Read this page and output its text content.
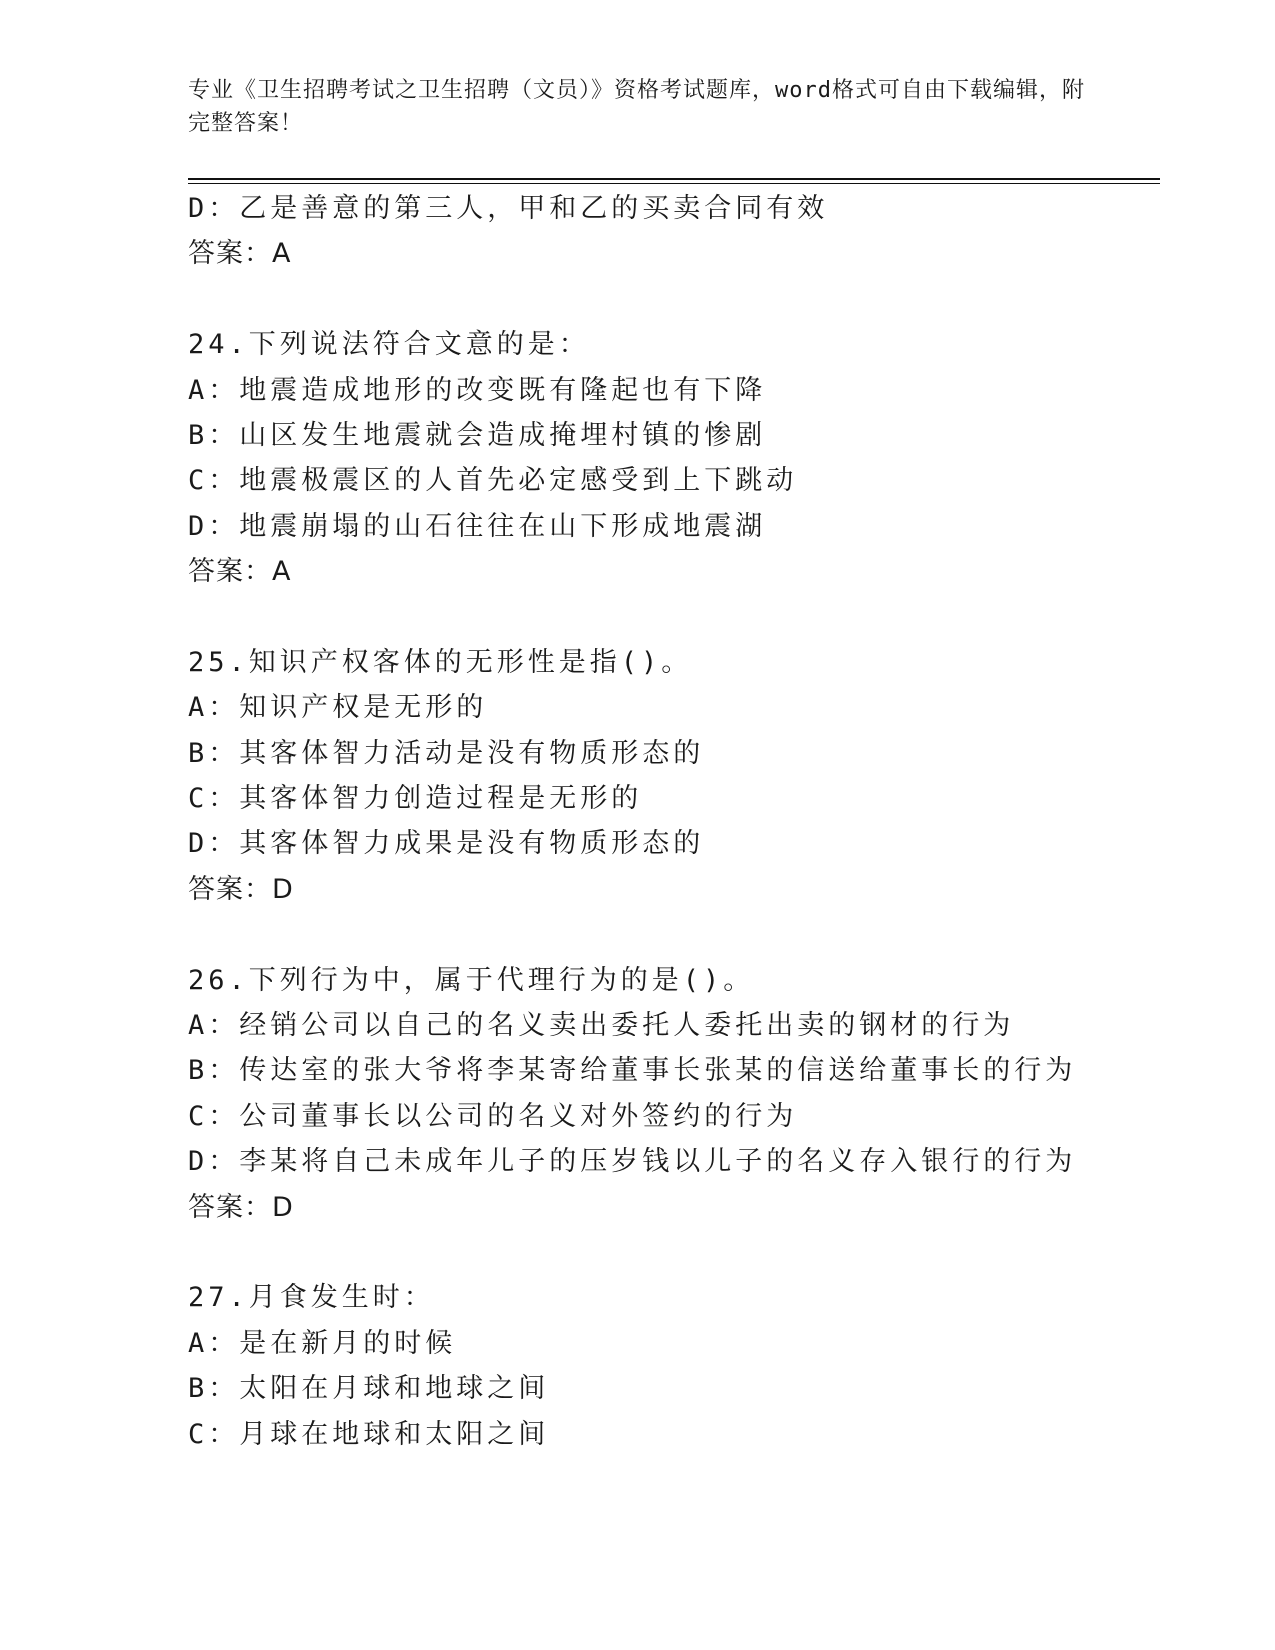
专业《卫生招聘考试之卫生招聘（文员）》资格考试题库，word格式可自由下载编辑，附完整答案！
D：乙是善意的第三人，甲和乙的买卖合同有效
答案：A
24.下列说法符合文意的是：
A：地震造成地形的改变既有隆起也有下降
B：山区发生地震就会造成掩埋村镇的惨剧
C：地震极震区的人首先必定感受到上下跳动
D：地震崩塌的山石往往在山下形成地震湖
答案：A
25.知识产权客体的无形性是指()。
A：知识产权是无形的
B：其客体智力活动是没有物质形态的
C：其客体智力创造过程是无形的
D：其客体智力成果是没有物质形态的
答案：D
26.下列行为中，属于代理行为的是()。
A：经销公司以自己的名义卖出委托人委托出卖的钢材的行为
B：传达室的张大爷将李某寄给董事长张某的信送给董事长的行为
C：公司董事长以公司的名义对外签约的行为
D：李某将自己未成年儿子的压岁钱以儿子的名义存入银行的行为
答案：D
27.月食发生时：
A：是在新月的时候
B：太阳在月球和地球之间
C：月球在地球和太阳之间
